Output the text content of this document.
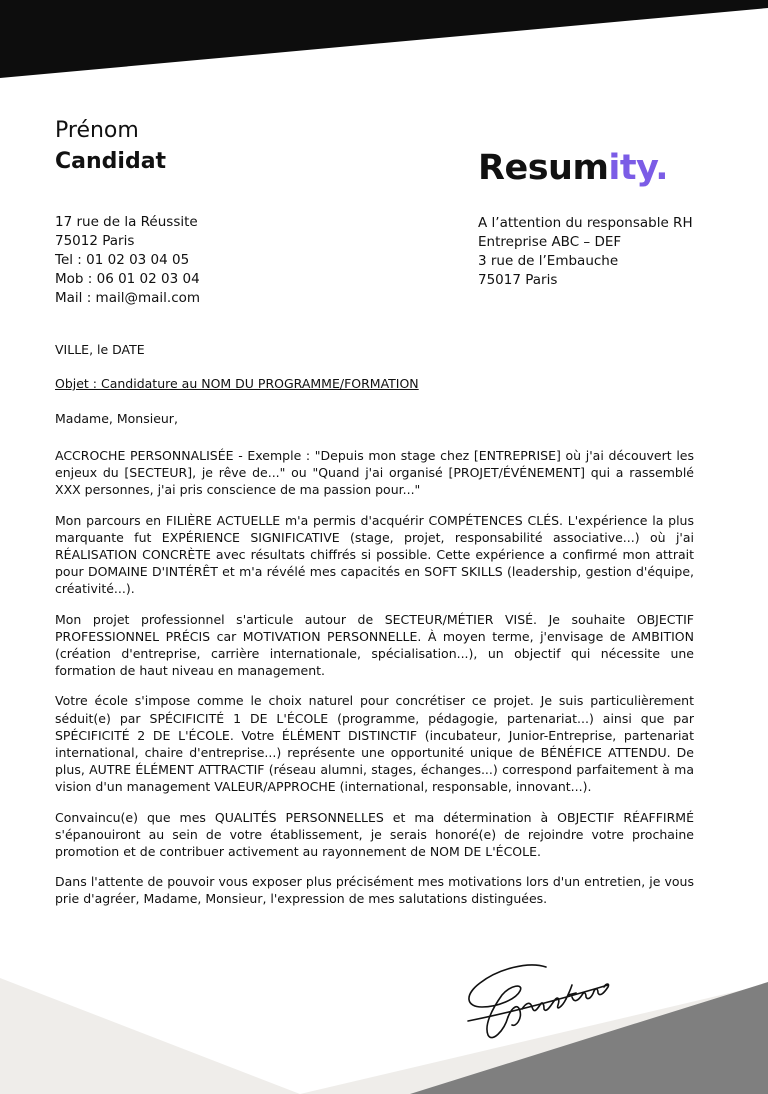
Prénom
Candidat	Resumity.
17 rue de la Réussite
75012 Paris
Tel : 01 02 03 04 05
Mob : 06 01 02 03 04
Mail : mail@mail.com
A l’attention du responsable RH
Entreprise ABC – DEF
3 rue de l’Embauche
75017 Paris
VILLE, le DATE
Objet : Candidature au NOM DU PROGRAMME/FORMATION
Madame, Monsieur,

ACCROCHE PERSONNALISÉE - Exemple : "Depuis mon stage chez [ENTREPRISE] où j'ai découvert les enjeux du [SECTEUR], je rêve de..." ou "Quand j'ai organisé [PROJET/ÉVÉNEMENT] qui a rassemblé XXX personnes, j'ai pris conscience de ma passion pour..."

Mon parcours en FILIÈRE ACTUELLE m'a permis d'acquérir COMPÉTENCES CLÉS. L'expérience la plus marquante fut EXPÉRIENCE SIGNIFICATIVE (stage, projet, responsabilité associative...) où j'ai RÉALISATION CONCRÈTE avec résultats chiffrés si possible. Cette expérience a confirmé mon attrait pour DOMAINE D'INTÉRÊT et m'a révélé mes capacités en SOFT SKILLS (leadership, gestion d'équipe, créativité...).

Mon projet professionnel s'articule autour de SECTEUR/MÉTIER VISÉ. Je souhaite OBJECTIF PROFESSIONNEL PRÉCIS car MOTIVATION PERSONNELLE. À moyen terme, j'envisage de AMBITION (création d'entreprise, carrière internationale, spécialisation...), un objectif qui nécessite une formation de haut niveau en management.

Votre école s'impose comme le choix naturel pour concrétiser ce projet. Je suis particulièrement séduit(e) par SPÉCIFICITÉ 1 DE L'ÉCOLE (programme, pédagogie, partenariat...) ainsi que par SPÉCIFICITÉ 2 DE L'ÉCOLE. Votre ÉLÉMENT DISTINCTIF (incubateur, Junior-Entreprise, partenariat international, chaire d'entreprise...) représente une opportunité unique de BÉNÉFICE ATTENDU. De plus, AUTRE ÉLÉMENT ATTRACTIF (réseau alumni, stages, échanges...) correspond parfaitement à ma vision d'un management VALEUR/APPROCHE (international, responsable, innovant...).

Convaincu(e) que mes QUALITÉS PERSONNELLES et ma détermination à OBJECTIF RÉAFFIRMÉ s'épanouiront au sein de votre établissement, je serais honoré(e) de rejoindre votre prochaine promotion et de contribuer activement au rayonnement de NOM DE L'ÉCOLE.

Dans l'attente de pouvoir vous exposer plus précisément mes motivations lors d'un entretien, je vous prie d'agréer, Madame, Monsieur, l'expression de mes salutations distinguées.
